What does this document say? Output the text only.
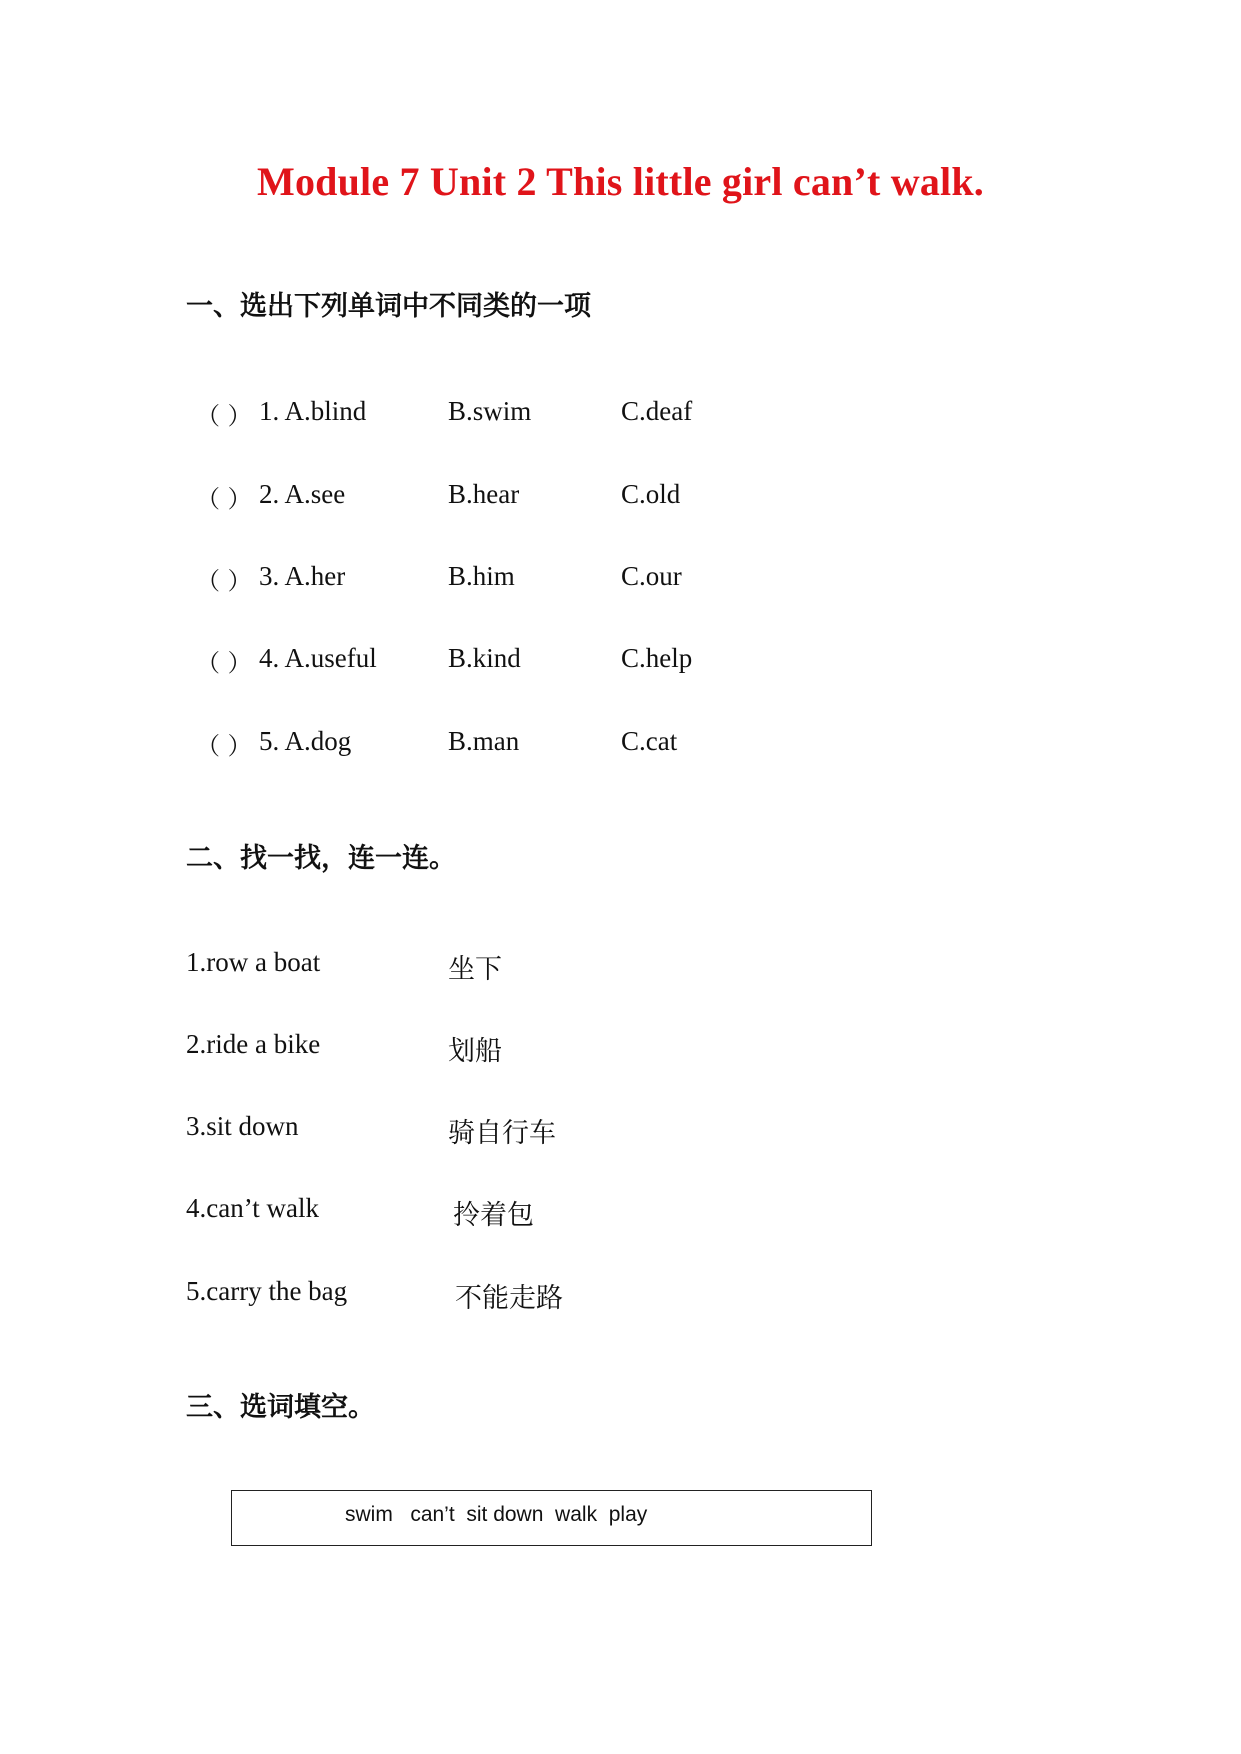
Module 7 Unit 2 This little girl can’t walk.
一、选出下列单词中不同类的一项
（ ） 1. A.blind	B.swim	C.deaf
（ ） 2. A.see	B.hear	C.old
（ ） 3. A.her	B.him	C.our
（ ） 4. A.useful	B.kind	C.help
（ ） 5. A.dog	B.man	C.cat
二、找一找，连一连。
1.row a boat	坐下
2.ride a bike	划船
3.sit down	骑自行车
4.can’t walk	拎着包
5.carry the bag	不能走路
三、选词填空。
swim   can’t  sit down  walk  play
